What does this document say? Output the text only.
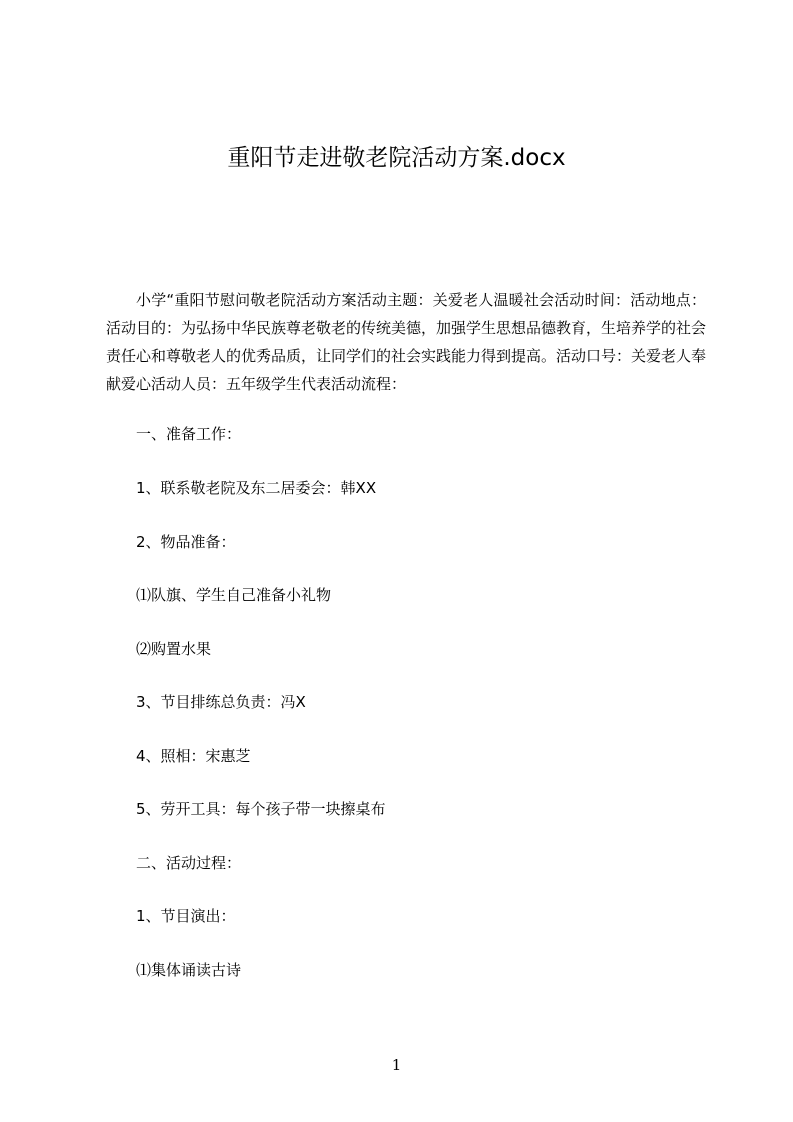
重阳节走进敬老院活动方案.docx

小学“重阳节慰问敬老院活动方案活动主题：关爱老人温暖社会活动时间：活动地点：活动目的：为弘扬中华民族尊老敬老的传统美德，加强学生思想品德教育，生培养学的社会责任心和尊敬老人的优秀品质，让同学们的社会实践能力得到提高。活动口号：关爱老人奉献爱心活动人员：五年级学生代表活动流程：

一、准备工作：

1、联系敬老院及东二居委会：韩XX

2、物品准备：

⑴队旗、学生自己准备小礼物

⑵购置水果

3、节目排练总负责：冯X

4、照相：宋惠芝

5、劳开工具：每个孩子带一块擦桌布

二、活动过程：

1、节目演出：

⑴集体诵读古诗

1
